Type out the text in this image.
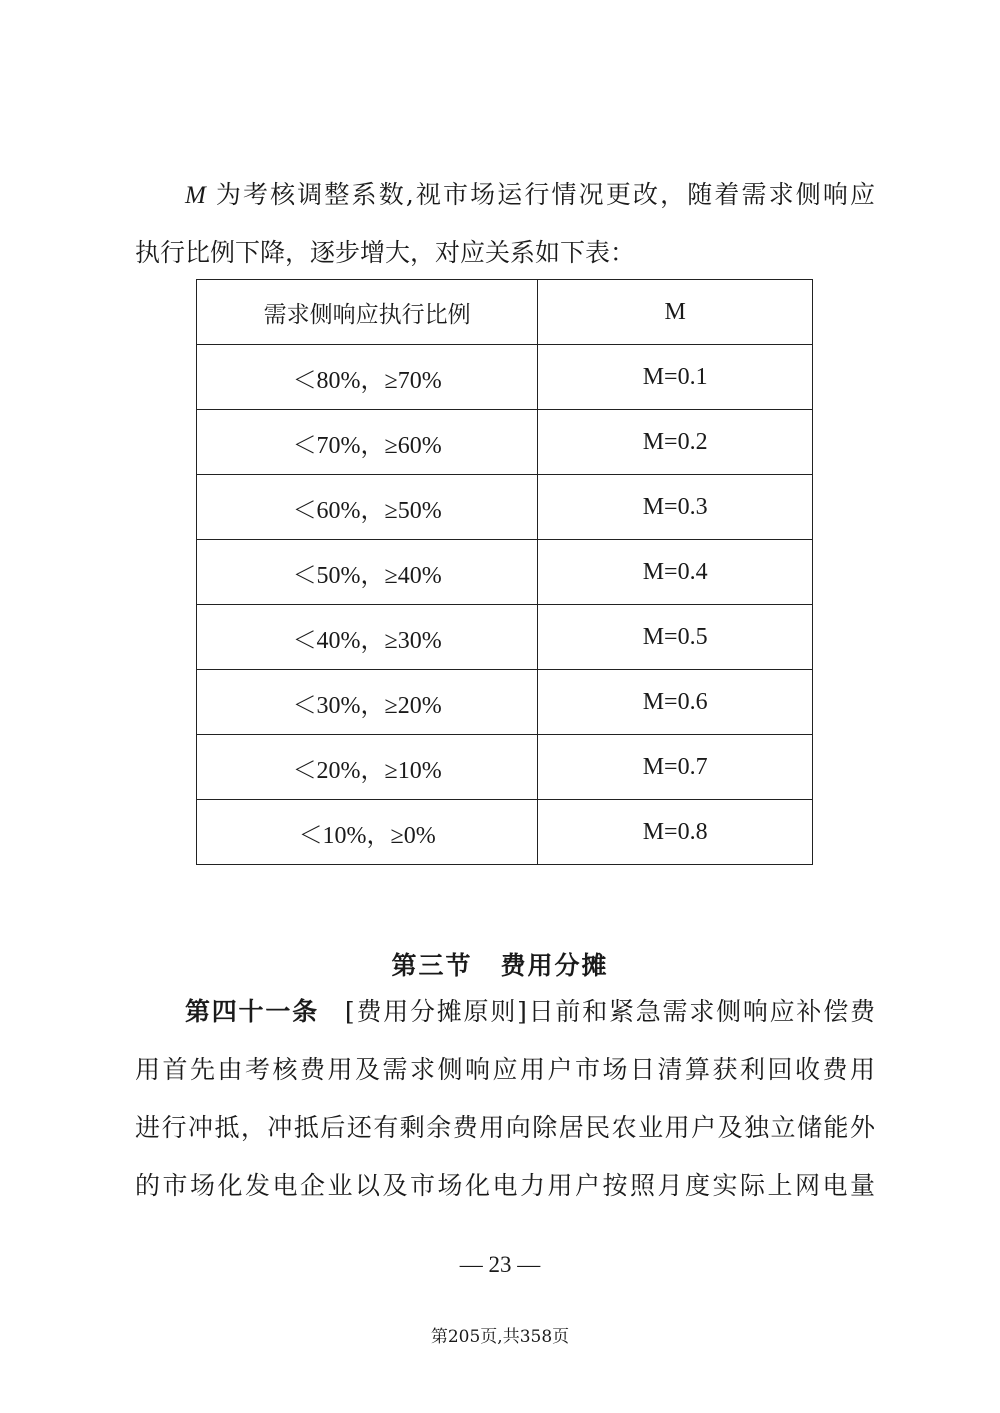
M 为考核调整系数,视市场运行情况更改，随着需求侧响应
执行比例下降，逐步增大，对应关系如下表：
需求侧响应执行比例	M
＜80%，≥70%	M=0.1
＜70%，≥60%	M=0.2
＜60%，≥50%	M=0.3
＜50%，≥40%	M=0.4
＜40%，≥30%	M=0.5
＜30%，≥20%	M=0.6
＜20%，≥10%	M=0.7
＜10%，≥0%	M=0.8
第三节 费用分摊
第四十一条 [费用分摊原则]日前和紧急需求侧响应补偿费
用首先由考核费用及需求侧响应用户市场日清算获利回收费用
进行冲抵，冲抵后还有剩余费用向除居民农业用户及独立储能外
的市场化发电企业以及市场化电力用户按照月度实际上网电量
— 23 —
第205页,共358页
